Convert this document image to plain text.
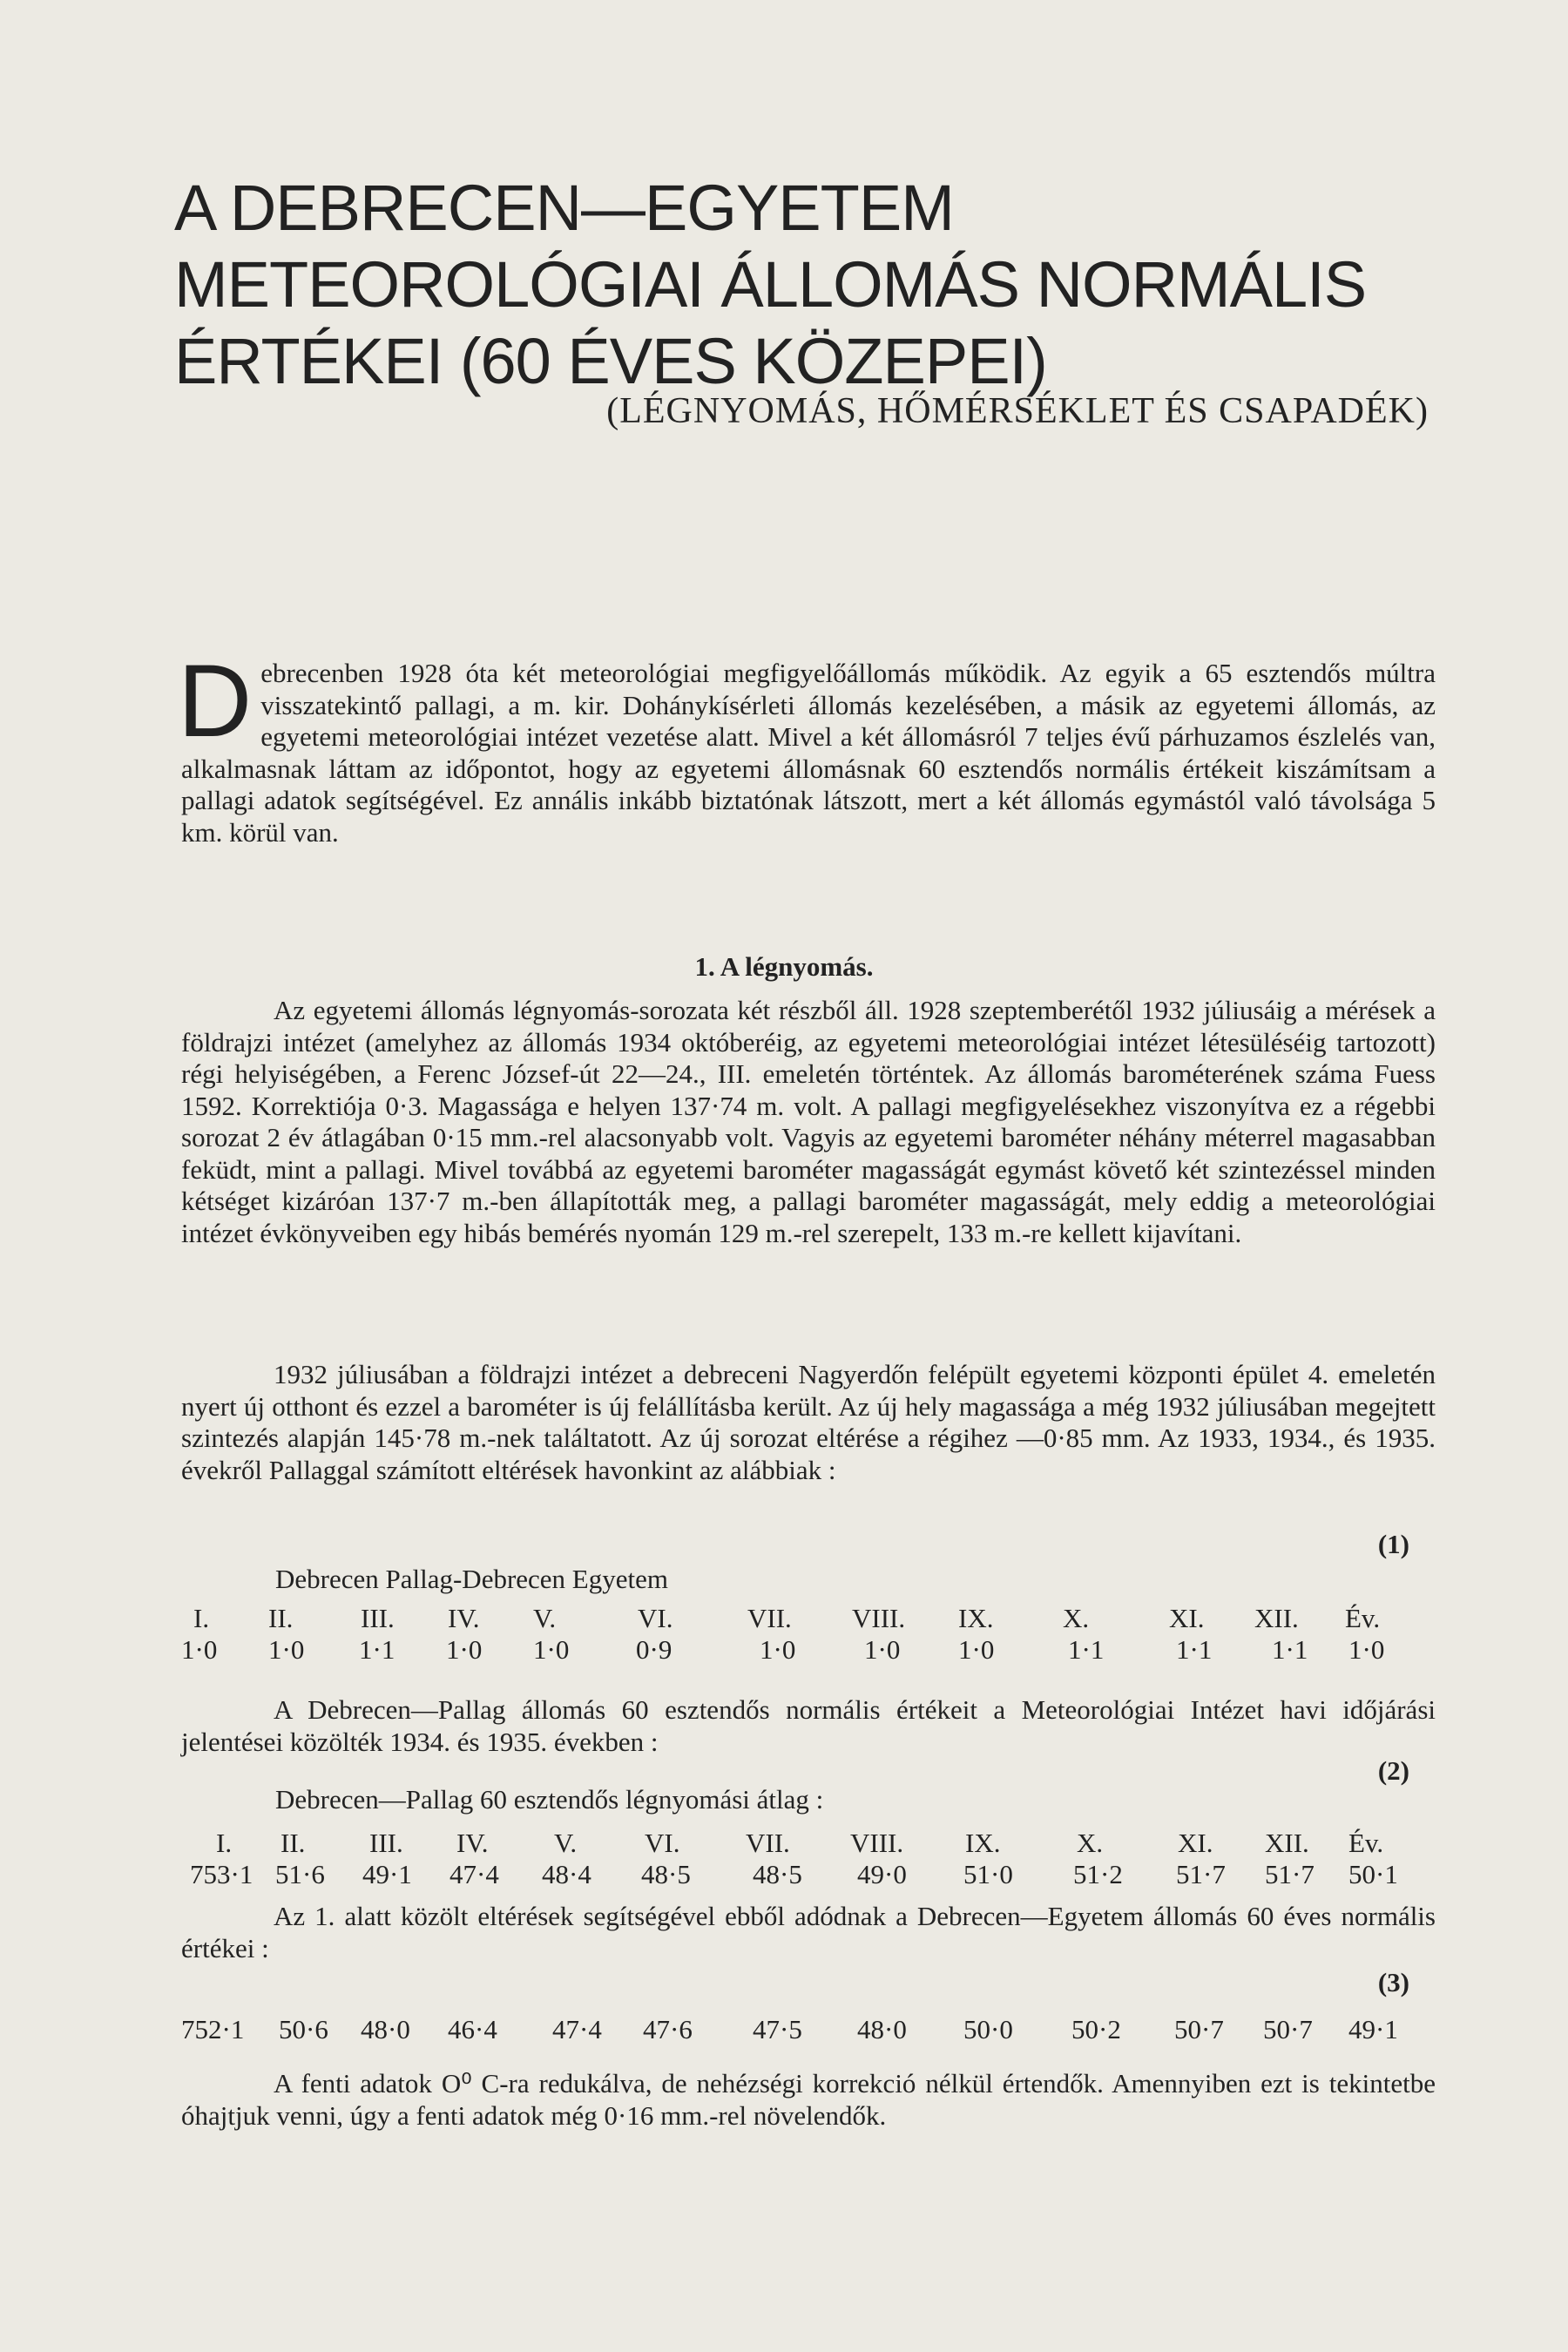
A DEBRECEN—EGYETEM METEOROLÓGIAI ÁLLOMÁS NORMÁLIS ÉRTÉKEI (60 ÉVES KÖZEPEI)
(LÉGNYOMÁS, HŐMÉRSÉKLET ÉS CSAPADÉK)
D ebrecenben 1928 óta két meteorológiai megfigyelőállomás működik. Az egyik a 65 esztendős múltra visszatekintő pallagi, a m. kir. Dohánykísérleti állomás kezelésében, a másik az egyetemi állomás, az egyetemi meteorológiai intézet vezetése alatt. Mivel a két állomásról 7 teljes évű párhuzamos észlelés van, alkalmasnak láttam az időpontot, hogy az egyetemi állomásnak 60 esztendős normális értékeit kiszámítsam a pallagi adatok segítségével. Ez annális inkább biztatónak látszott, mert a két állomás egymástól való távolsága 5 km. körül van.

1. A légnyomás.

Az egyetemi állomás légnyomás-sorozata két részből áll. 1928 szeptemberétől 1932 júliusáig a mérések a földrajzi intézet (amelyhez az állomás 1934 októberéig, az egyetemi meteorológiai intézet létesüléséig tartozott) régi helyiségében, a Ferenc József-út 22—24., III. emeletén történtek. Az állomás barométerének száma Fuess 1592. Korrektiója 0·3. Magassága e helyen 137·74 m. volt. A pallagi megfigyelésekhez viszonyítva ez a régebbi sorozat 2 év átlagában 0·15 mm.-rel alacsonyabb volt. Vagyis az egyetemi barométer néhány méterrel magasabban feküdt, mint a pallagi. Mivel továbbá az egyetemi barométer magasságát egymást követő két szintezéssel minden kétséget kizáróan 137·7 m.-ben állapították meg, a pallagi barométer magasságát, mely eddig a meteorológiai intézet évkönyveiben egy hibás bemérés nyomán 129 m.-rel szerepelt, 133 m.-re kellett kijavítani.

1932 júliusában a földrajzi intézet a debreceni Nagyerdőn felépült egyetemi központi épület 4. emeletén nyert új otthont és ezzel a barométer is új felállításba került. Az új hely magassága a még 1932 júliusában megejtett szintezés alapján 145·78 m.-nek találtatott. Az új sorozat eltérése a régihez —0·85 mm. Az 1933, 1934., és 1935. évekről Pallaggal számított eltérések havonkint az alábbiak :

(1)
Debrecen Pallag-Debrecen Egyetem
I. II.	III. IV. V.	VI.	VII. VIII. IX.	X.	XI. XII. Év.
1·0 1·0 1·1 1·0 1·0 0·9	1·0	1·0 1·0	1·1	1·1 1·1 1·0

A Debrecen—Pallag állomás 60 esztendős normális értékeit a Meteorológiai Intézet havi időjárási jelentései közölték 1934. és 1935. években :

(2)
Debrecen—Pallag 60 esztendős légnyomási átlag :
I. II. III. IV. V.	VI. VII. VIII. IX.	X.	XI. XII. Év.
753·1 51·6 49·1 47·4 48·4 48·5 48·5 49·0 51·0 51·2 51·7 51·7 50·1

Az 1. alatt közölt eltérések segítségével ebből adódnak a Debrecen—Egyetem állomás 60 éves normális értékei :

(3)
752·1 50·6 48·0 46·4 47·4 47·6 47·5 48·0 50·0 50·2 50·7 50·7 49·1

A fenti adatok O⁰ C-ra redukálva, de nehézségi korrekció nélkül értendők. Amennyiben ezt is tekintetbe óhajtjuk venni, úgy a fenti adatok még 0·16 mm.-rel növelendők.
